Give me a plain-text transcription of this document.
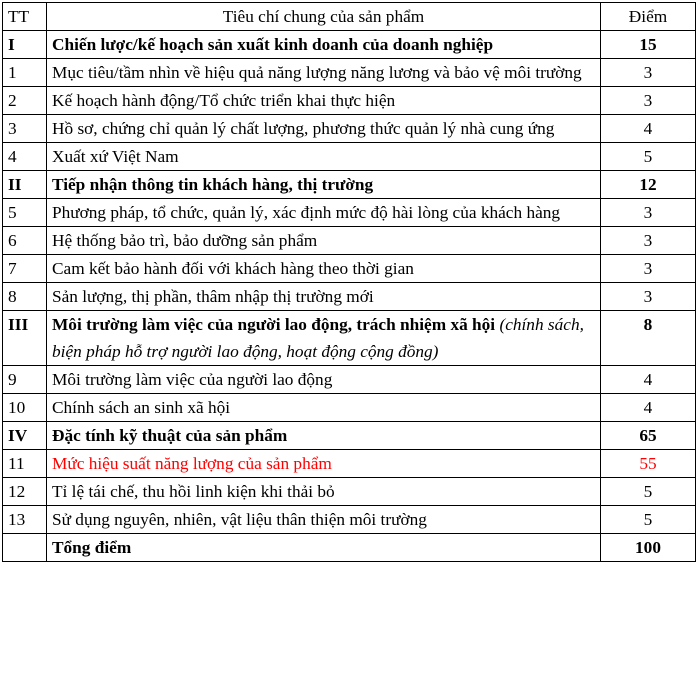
TT	Tiêu chí chung của sản phẩm	Điểm
I	Chiến lược/kế hoạch sản xuất kinh doanh của doanh nghiệp	15
1	Mục tiêu/tầm nhìn về hiệu quả năng lượng năng lương và bảo vệ môi trường	3
2	Kế hoạch hành động/Tổ chức triển khai thực hiện	3
3	Hồ sơ, chứng chỉ quản lý chất lượng, phương thức quản lý nhà cung ứng	4
4	Xuất xứ Việt Nam	5
II	Tiếp nhận thông tin khách hàng, thị trường	12
5	Phương pháp, tổ chức, quản lý, xác định mức độ hài lòng của khách hàng	3
6	Hệ thống bảo trì, bảo dưỡng sản phẩm	3
7	Cam kết bảo hành đối với khách hàng theo thời gian	3
8	Sản lượng, thị phần, thâm nhập thị trường mới	3
III	Môi trường làm việc của người lao động, trách nhiệm xã hội (chính sách, biện pháp hỗ trợ người lao động, hoạt động cộng đồng)	8
9	Môi trường làm việc của người lao động	4
10	Chính sách an sinh xã hội	4
IV	Đặc tính kỹ thuật của sản phẩm	65
11	Mức hiệu suất năng lượng của sản phẩm	55
12	Tỉ lệ tái chế, thu hồi linh kiện khi thải bỏ	5
13	Sử dụng nguyên, nhiên, vật liệu thân thiện môi trường	5
	Tổng điểm	100
